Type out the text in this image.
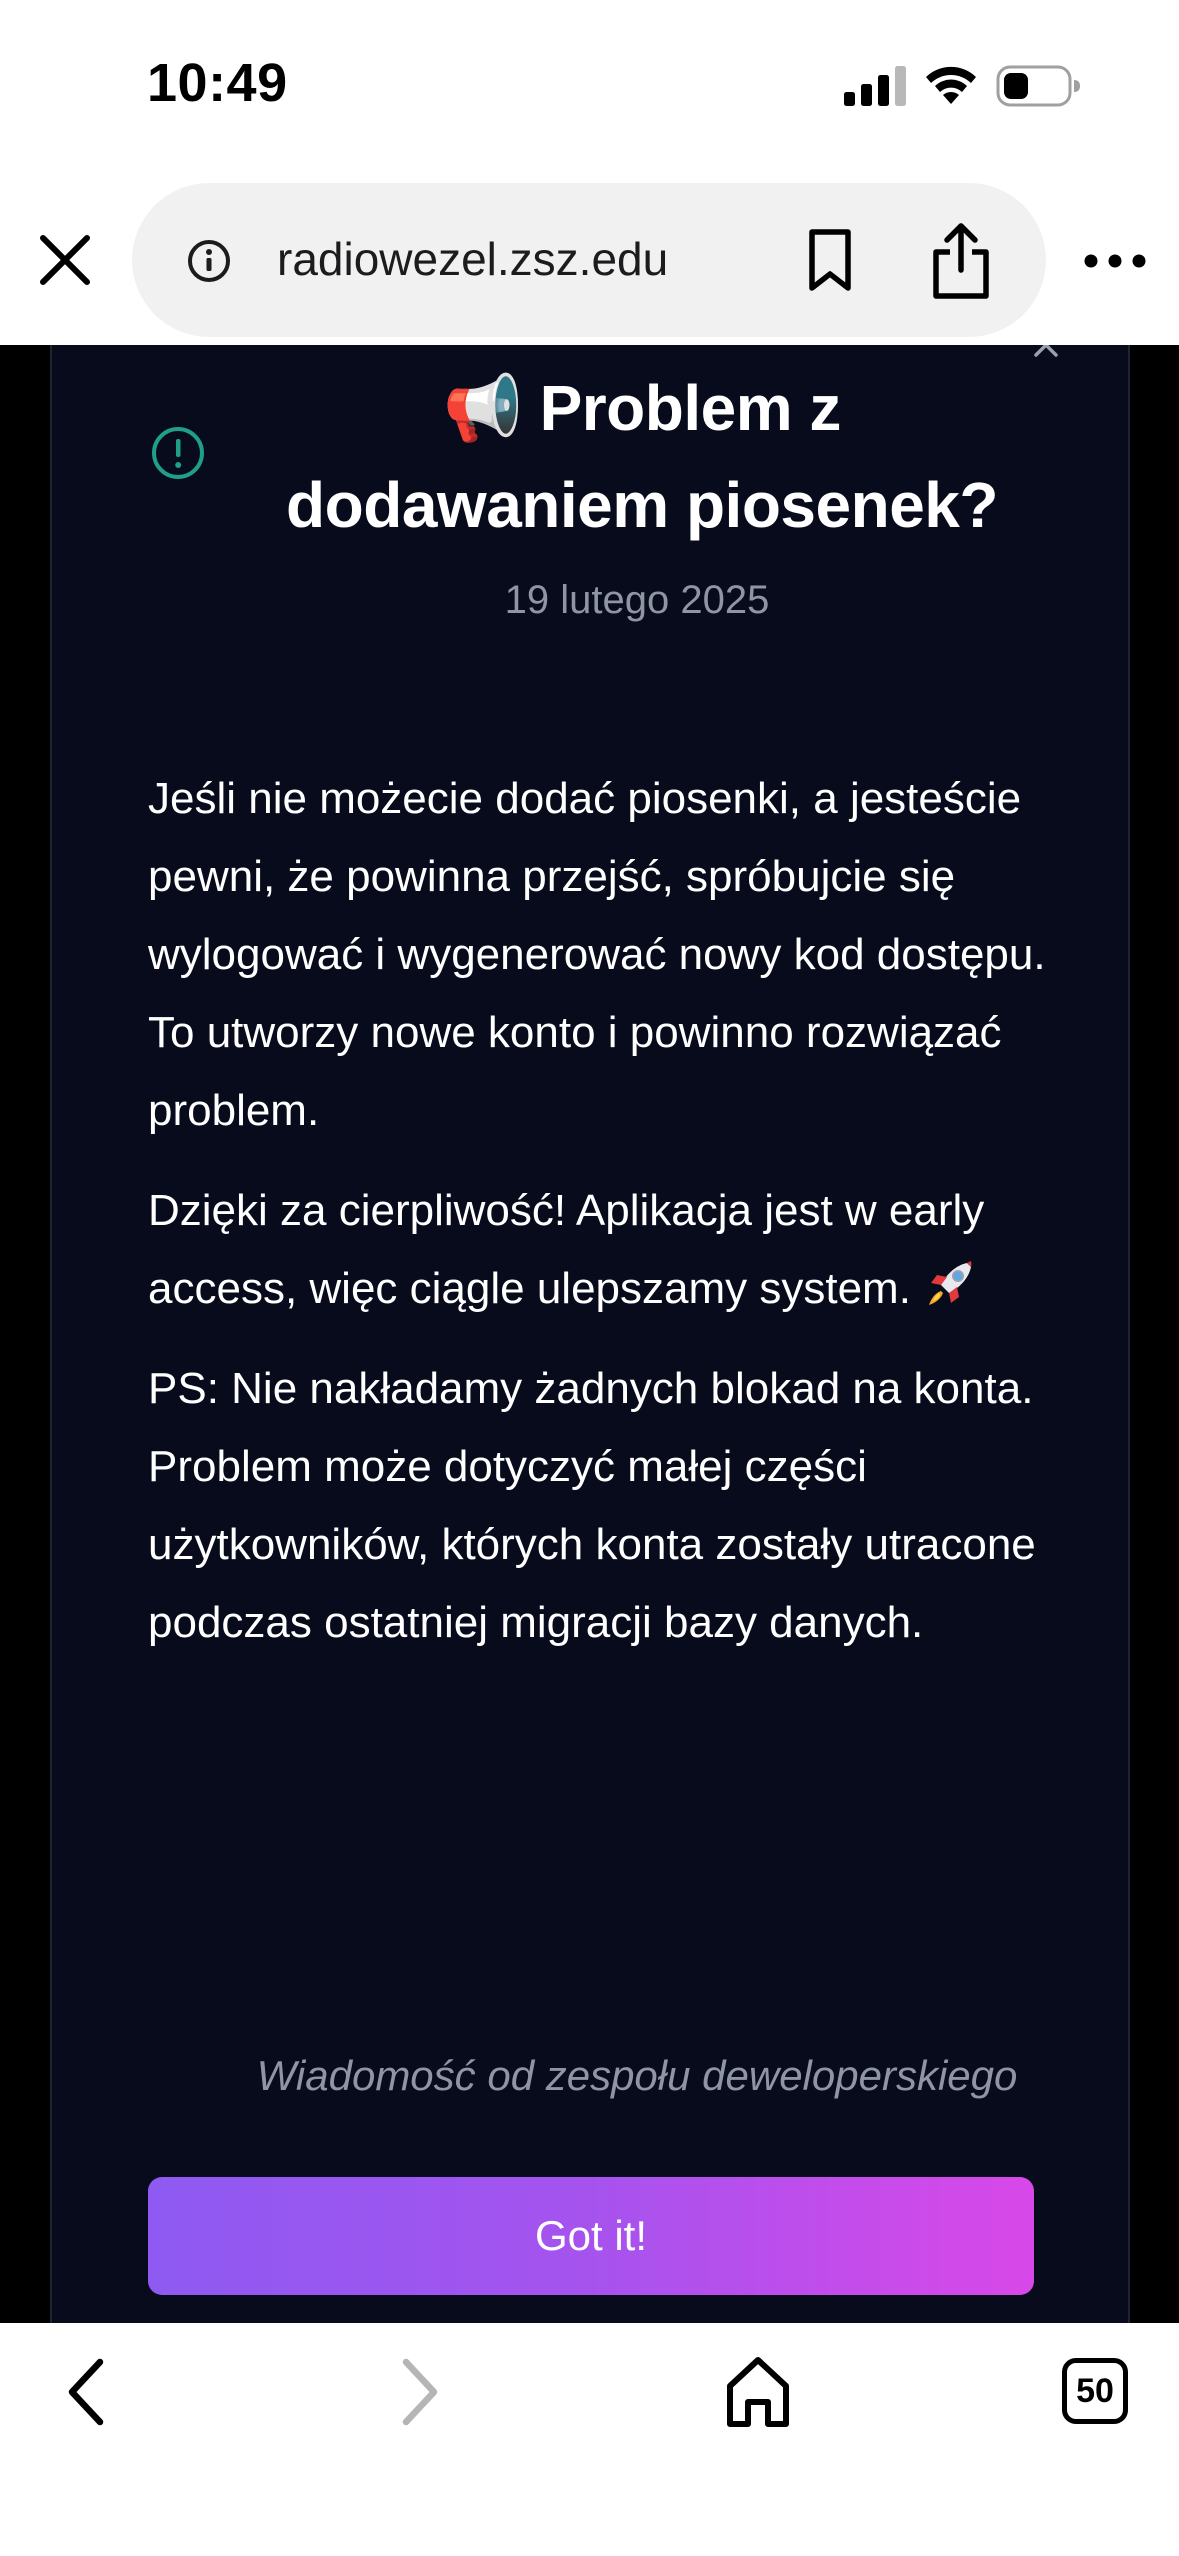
10:49
radiowezel.zsz.edu
📢 Problem z dodawaniem piosenek?
19 lutego 2025

Jeśli nie możecie dodać piosenki, a jesteście pewni, że powinna przejść, spróbujcie się wylogować i wygenerować nowy kod dostępu. To utworzy nowe konto i powinno rozwiązać problem.

Dzięki za cierpliwość! Aplikacja jest w early access, więc ciągle ulepszamy system.

PS: Nie nakładamy żadnych blokad na konta. Problem może dotyczyć małej części użytkowników, których konta zostały utracone podczas ostatniej migracji bazy danych.

Wiadomość od zespołu deweloperskiego
Got it!
50
